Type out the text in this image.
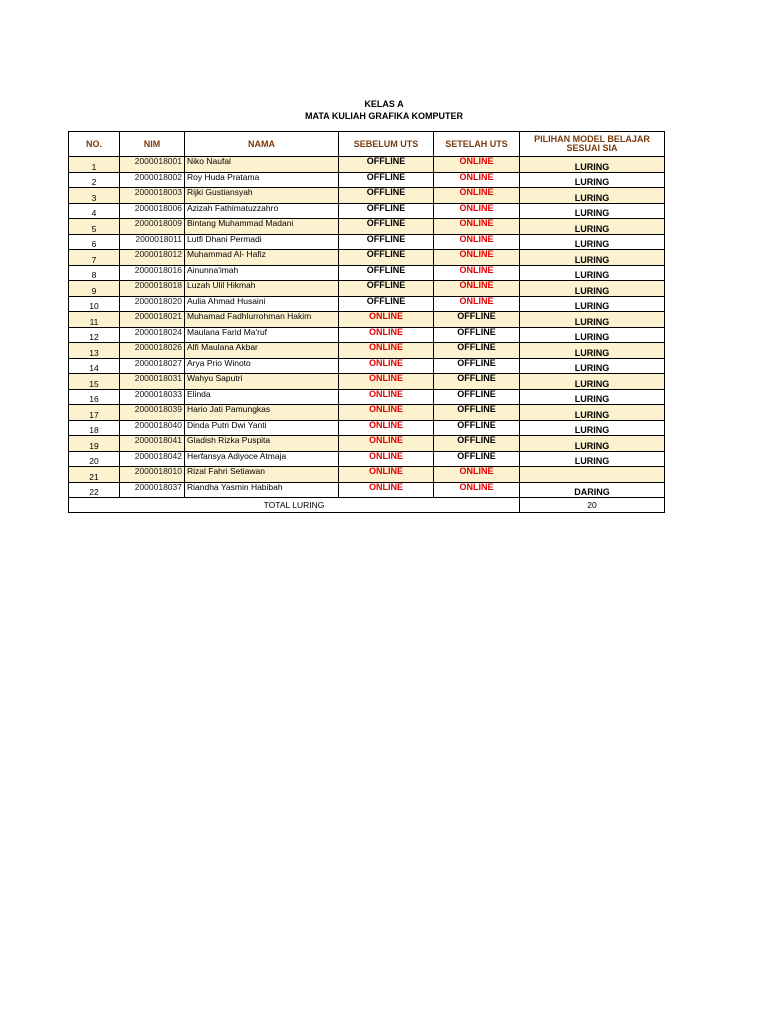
KELAS A
MATA KULIAH GRAFIKA KOMPUTER
NO.	NIM	NAMA	SEBELUM UTS	SETELAH UTS	PILIHAN MODEL BELAJAR SESUAI SIA
1	2000018001	Niko Naufal	OFFLINE	ONLINE	LURING
2	2000018002	Roy Huda Pratama	OFFLINE	ONLINE	LURING
3	2000018003	Rijki Gustiansyah	OFFLINE	ONLINE	LURING
4	2000018006	Azizah Fathimatuzzahro	OFFLINE	ONLINE	LURING
5	2000018009	Bintang Muhammad Madani	OFFLINE	ONLINE	LURING
6	2000018011	Lutfi Dhani Permadi	OFFLINE	ONLINE	LURING
7	2000018012	Muhammad Al- Hafiz	OFFLINE	ONLINE	LURING
8	2000018016	Ainunna'imah	OFFLINE	ONLINE	LURING
9	2000018018	Luzah Ulil Hikmah	OFFLINE	ONLINE	LURING
10	2000018020	Aulia Ahmad Husaini	OFFLINE	ONLINE	LURING
11	2000018021	Muhamad Fadhlurrohman Hakim	ONLINE	OFFLINE	LURING
12	2000018024	Maulana Farid Ma'ruf	ONLINE	OFFLINE	LURING
13	2000018026	Alfi Maulana Akbar	ONLINE	OFFLINE	LURING
14	2000018027	Arya Prio Winoto	ONLINE	OFFLINE	LURING
15	2000018031	Wahyu Saputri	ONLINE	OFFLINE	LURING
16	2000018033	Elinda	ONLINE	OFFLINE	LURING
17	2000018039	Hario Jati Pamungkas	ONLINE	OFFLINE	LURING
18	2000018040	Dinda Putri Dwi Yanti	ONLINE	OFFLINE	LURING
19	2000018041	Gladish Rizka Puspita	ONLINE	OFFLINE	LURING
20	2000018042	Herfansya Adiyoce Atmaja	ONLINE	OFFLINE	LURING
21	2000018010	Rizal Fahri Setiawan	ONLINE	ONLINE	
22	2000018037	Riandha Yasmin Habibah	ONLINE	ONLINE	DARING
TOTAL LURING					20
